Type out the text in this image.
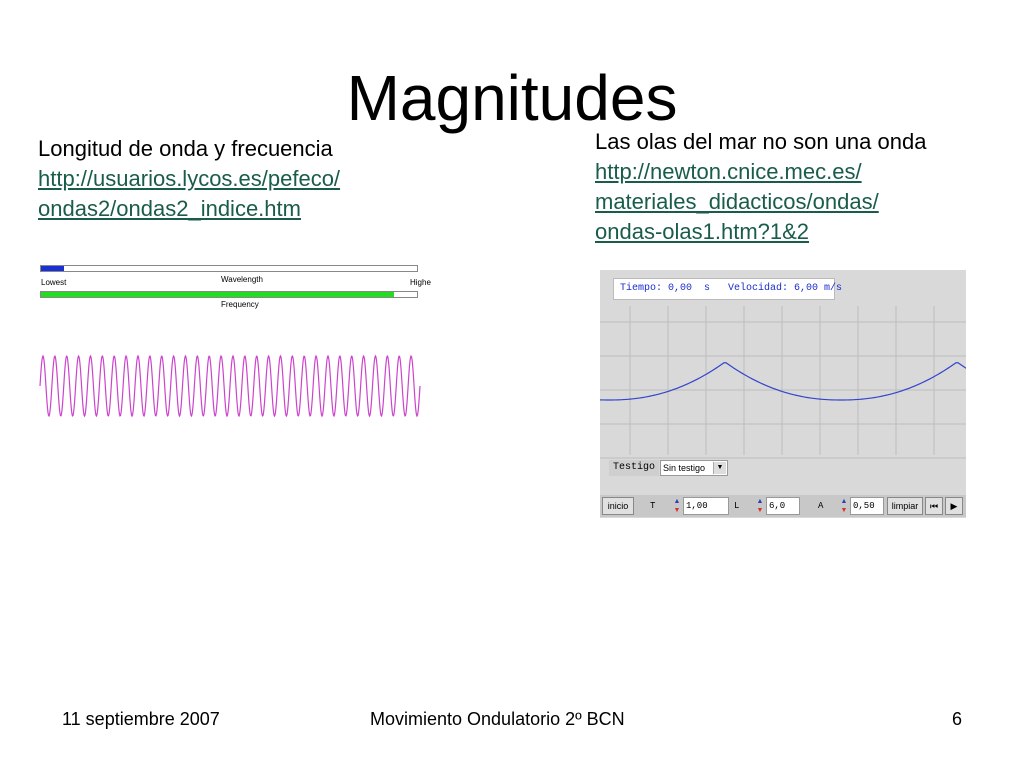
Magnitudes
Longitud de onda y frecuencia
http://usuarios.lycos.es/pefeco/
ondas2/ondas2_indice.htm
Las olas del mar no son una onda
http://newton.cnice.mec.es/
materiales_didacticos/ondas/
ondas-olas1.htm?1&2
Lowest	Wavelength	Highe
Frequency
Tiempo: 0,00  s   Velocidad: 6,00 m/s
Testigo Sin testigo	▼
inicio	T	▲
▼ 1,00	L ▲
▼ 6,0	A ▲
▼ 0,50	limpiar	⏮	▶
11 septiembre 2007	Movimiento Ondulatorio 2º BCN	6
